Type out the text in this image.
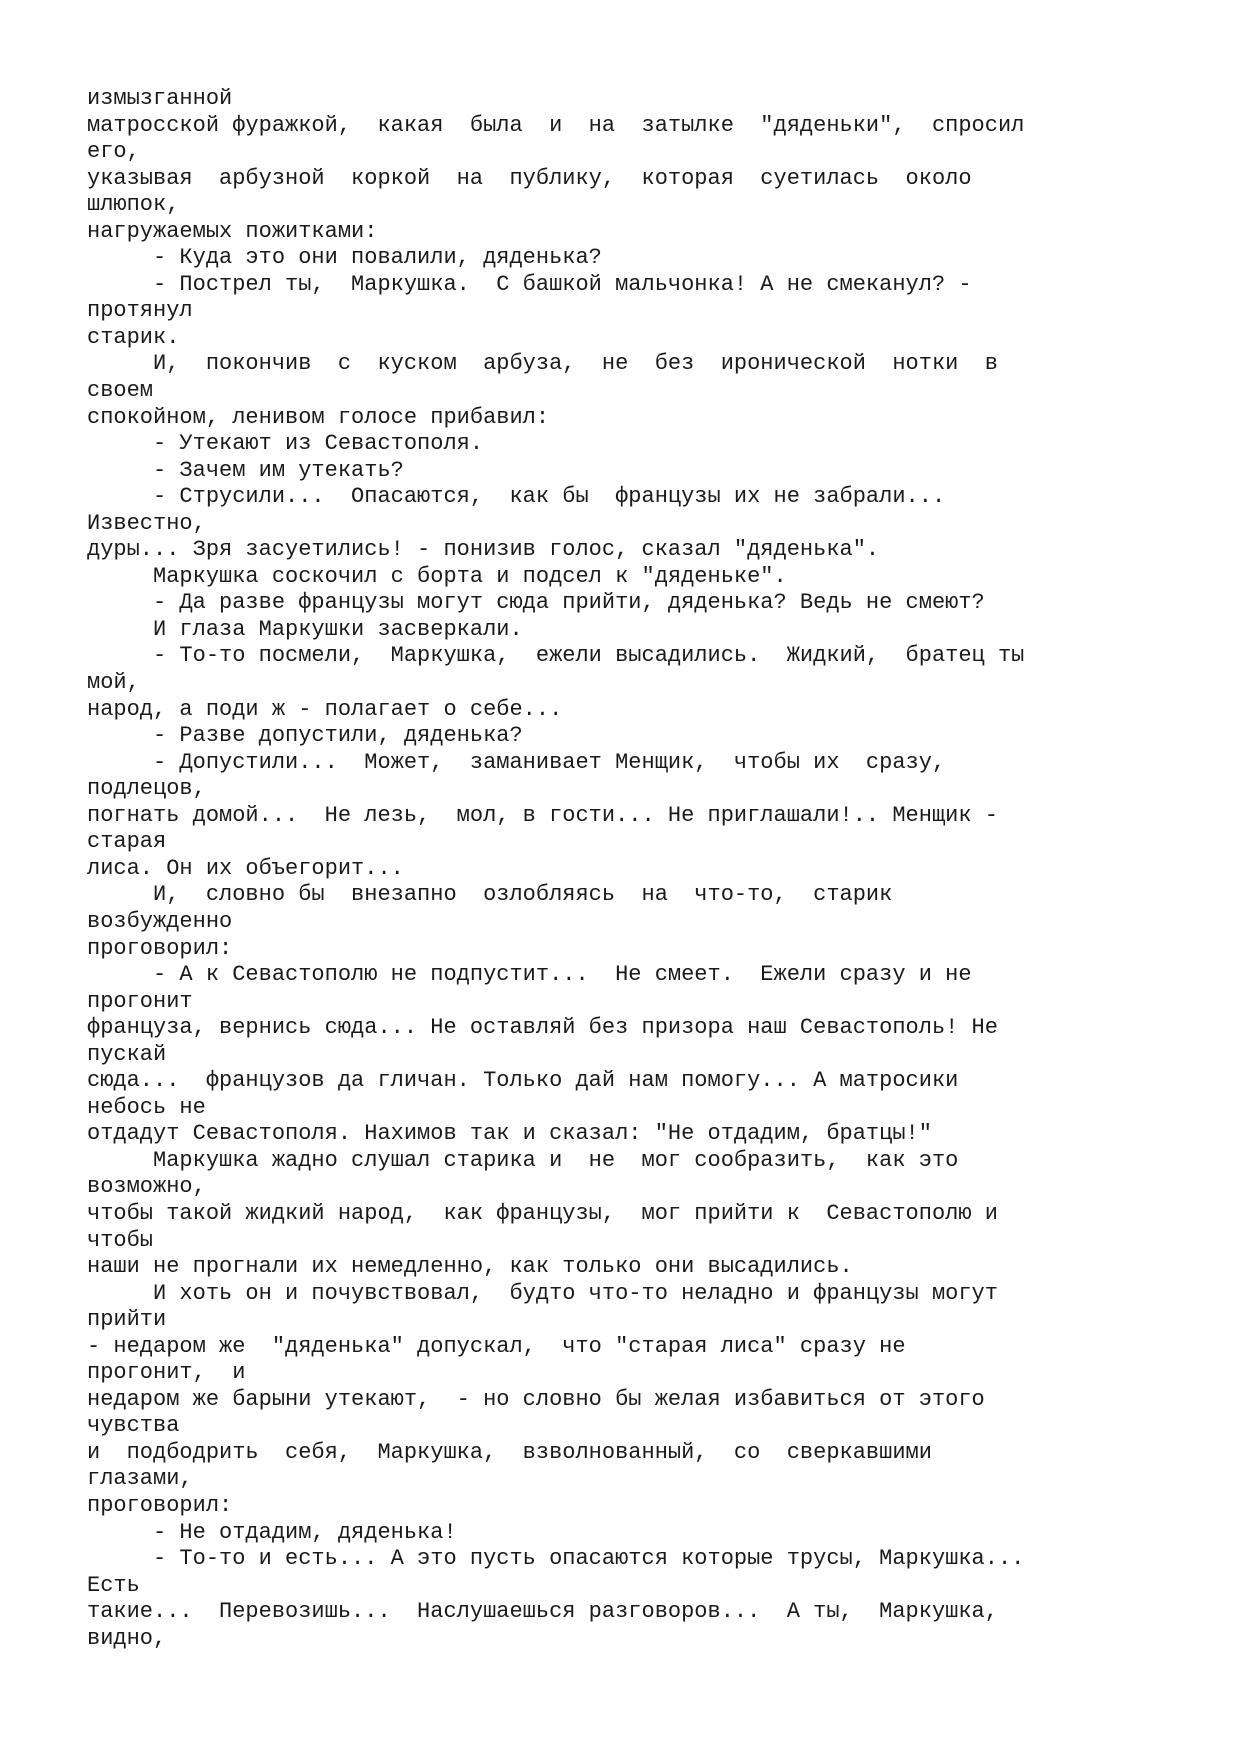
измызганной
матросской фуражкой,  какая  была  и  на  затылке  "дяденьки",  спросил
его,
указывая  арбузной  коркой  на  публику,  которая  суетилась  около
шлюпок,
нагружаемых пожитками:
- Куда это они повалили, дяденька?
- Пострел ты,  Маркушка.  С башкой мальчонка! А не смеканул? -
протянул
старик.
И,  покончив  с  куском  арбуза,  не  без  иронической  нотки  в
своем
спокойном, ленивом голосе прибавил:
- Утекают из Севастополя.
- Зачем им утекать?
- Струсили...  Опасаются,  как бы  французы их не забрали...
Известно,
дуры... Зря засуетились! - понизив голос, сказал "дяденька".
Маркушка соскочил с борта и подсел к "дяденьке".
- Да разве французы могут сюда прийти, дяденька? Ведь не смеют?
И глаза Маркушки засверкали.
- То-то посмели,  Маркушка,  ежели высадились.  Жидкий,  братец ты
мой,
народ, а поди ж - полагает о себе...
- Разве допустили, дяденька?
- Допустили...  Может,  заманивает Менщик,  чтобы их  сразу,
подлецов,
погнать домой...  Не лезь,  мол, в гости... Не приглашали!.. Менщик -
старая
лиса. Он их объегорит...
И,  словно бы  внезапно  озлобляясь  на  что-то,  старик
возбужденно
проговорил:
- А к Севастополю не подпустит...  Не смеет.  Ежели сразу и не
прогонит
француза, вернись сюда... Не оставляй без призора наш Севастополь! Не
пускай
сюда...  французов да гличан. Только дай нам помогу... А матросики
небось не
отдадут Севастополя. Нахимов так и сказал: "Не отдадим, братцы!"
Маркушка жадно слушал старика и  не  мог сообразить,  как это
возможно,
чтобы такой жидкий народ,  как французы,  мог прийти к  Севастополю и
чтобы
наши не прогнали их немедленно, как только они высадились.
И хоть он и почувствовал,  будто что-то неладно и французы могут
прийти
- недаром же  "дяденька" допускал,  что "старая лиса" сразу не
прогонит,  и
недаром же барыни утекают,  - но словно бы желая избавиться от этого
чувства
и  подбодрить  себя,  Маркушка,  взволнованный,  со  сверкавшими
глазами,
проговорил:
- Не отдадим, дяденька!
- То-то и есть... А это пусть опасаются которые трусы, Маркушка...
Есть
такие...  Перевозишь...  Наслушаешься разговоров...  А ты,  Маркушка,
видно,
